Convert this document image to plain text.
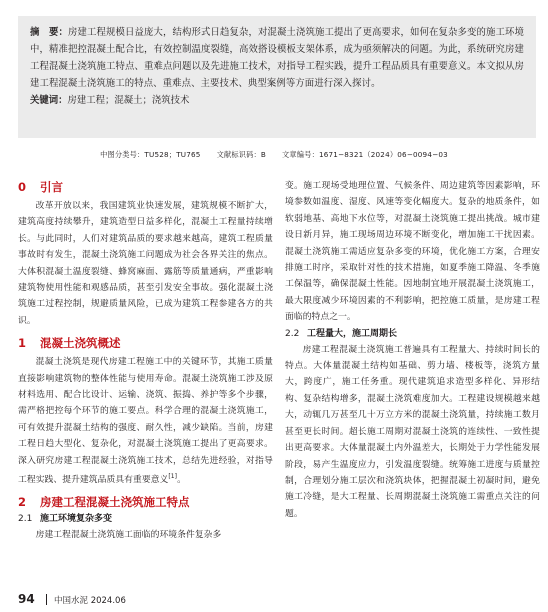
摘　要：房建工程规模日益庞大，结构形式日趋复杂，对混凝土浇筑施工提出了更高要求，如何在复杂多变的施工环境中，精准把控混凝土配合比，有效控制温度裂缝，高效搭设模板支架体系，成为亟须解决的问题。为此，系统研究房建工程混凝土浇筑施工特点、重难点问题以及先进施工技术，对指导工程实践，提升工程品质具有重要意义。本文拟从房建工程混凝土浇筑施工的特点、重难点、主要技术、典型案例等方面进行深入探讨。

关键词：房建工程；混凝土；浇筑技术

中图分类号：TU528；TU765 文献标识码：B 文章编号：1671−8321（2024）06−0094−03
0 引言

改革开放以来，我国建筑业快速发展，建筑规模不断扩大，建筑高度持续攀升，建筑造型日益多样化，混凝土工程量持续增长。与此同时，人们对建筑品质的要求越来越高，建筑工程质量事故时有发生，混凝土浇筑施工问题成为社会各界关注的焦点。大体积混凝土温度裂缝、蜂窝麻面、露筋等质量通病，严重影响建筑物使用性能和观感品质，甚至引发安全事故。强化混凝土浇筑施工过程控制，规避质量风险，已成为建筑工程参建各方的共识。

1 混凝土浇筑概述

混凝土浇筑是现代房建工程施工中的关键环节，其施工质量直接影响建筑物的整体性能与使用寿命。混凝土浇筑施工涉及原材料选用、配合比设计、运输、浇筑、振捣、养护等多个步骤，需严格把控每个环节的施工要点。科学合理的混凝土浇筑施工，可有效提升混凝土结构的强度、耐久性，减少缺陷。当前，房建工程日趋大型化、复杂化，对混凝土浇筑施工提出了更高要求。深入研究房建工程混凝土浇筑施工技术，总结先进经验，对指导工程实践、提升建筑品质具有重要意义[1]。

2 房建工程混凝土浇筑施工特点
2.1 施工环境复杂多变

房建工程混凝土浇筑施工面临的环境条件复杂多

变。施工现场受地理位置、气候条件、周边建筑等因素影响，环境参数如温度、湿度、风速等变化幅度大。复杂的地质条件，如软弱地基、高地下水位等，对混凝土浇筑施工提出挑战。城市建设日新月异，施工现场周边环境不断变化，增加施工干扰因素。混凝土浇筑施工需适应复杂多变的环境，优化施工方案，合理安排施工时序，采取针对性的技术措施，如夏季施工降温、冬季施工保温等，确保混凝土性能。因地制宜地开展混凝土浇筑施工，最大限度减少环境因素的不利影响，把控施工质量，是房建工程面临的特点之一。

2.2 工程量大，施工周期长

房建工程混凝土浇筑施工普遍具有工程量大、持续时间长的特点。大体量混凝土结构如基础、剪力墙、楼板等，浇筑方量大，跨度广，施工任务重。现代建筑追求造型多样化、异形结构、复杂结构增多，混凝土浇筑难度加大。工程建设规模越来越大，动辄几万甚至几十万立方米的混凝土浇筑量，持续施工数月甚至更长时间。超长施工周期对混凝土浇筑的连续性、一致性提出更高要求。大体量混凝土内外温差大，长期处于力学性能发展阶段，易产生温度应力，引发温度裂缝。统筹施工进度与质量控制，合理划分施工层次和浇筑块体，把握混凝土初凝时间，避免施工冷缝，是大工程量、长周期混凝土浇筑施工需重点关注的问题。

94 中国水泥 2024.06
